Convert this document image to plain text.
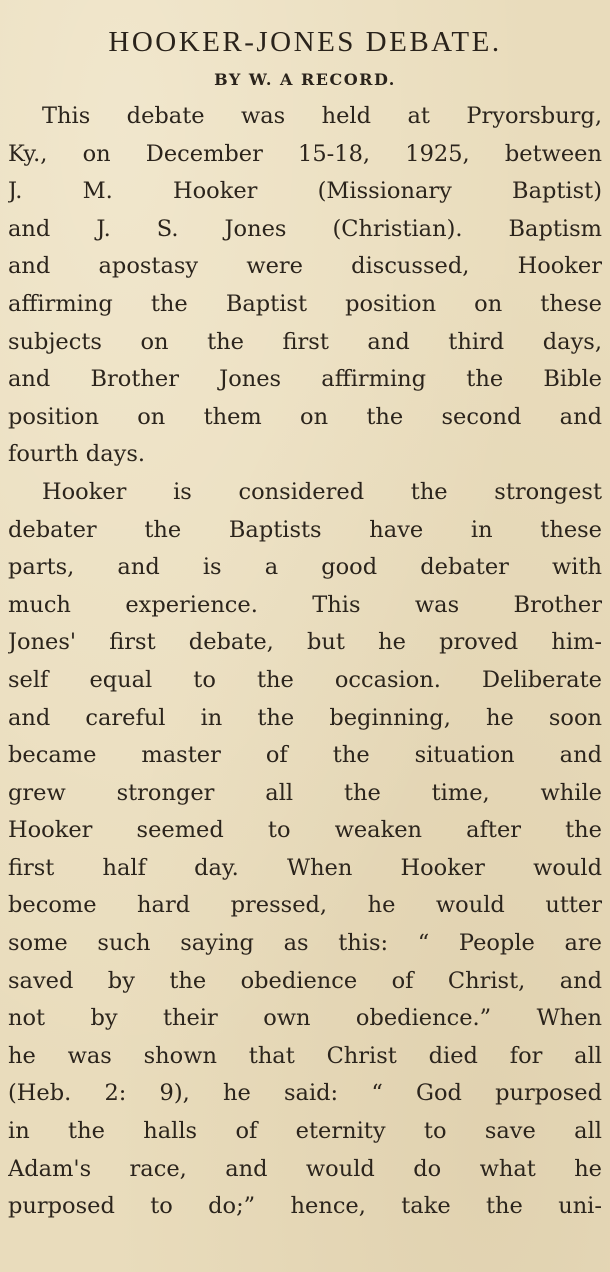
HOOKER-JONES DEBATE.
BY W. A RECORD.
This debate was held at Pryorsburg,
Ky., on December 15-18, 1925, between
J. M. Hooker (Missionary Baptist)
and J. S. Jones (Christian). Baptism
and apostasy were discussed, Hooker
affirming the Baptist position on these
subjects on the first and third days,
and Brother Jones affirming the Bible
position on them on the second and
fourth days.
Hooker is considered the strongest
debater the Baptists have in these
parts, and is a good debater with
much experience. This was Brother
Jones' first debate, but he proved him-
self equal to the occasion. Deliberate
and careful in the beginning, he soon
became master of the situation and
grew stronger all the time, while
Hooker seemed to weaken after the
first half day. When Hooker would
become hard pressed, he would utter
some such saying as this: “ People are
saved by the obedience of Christ, and
not by their own obedience.” When
he was shown that Christ died for all
(Heb. 2: 9), he said: “ God purposed
in the halls of eternity to save all
Adam's race, and would do what he
purposed to do;” hence, take the uni-
